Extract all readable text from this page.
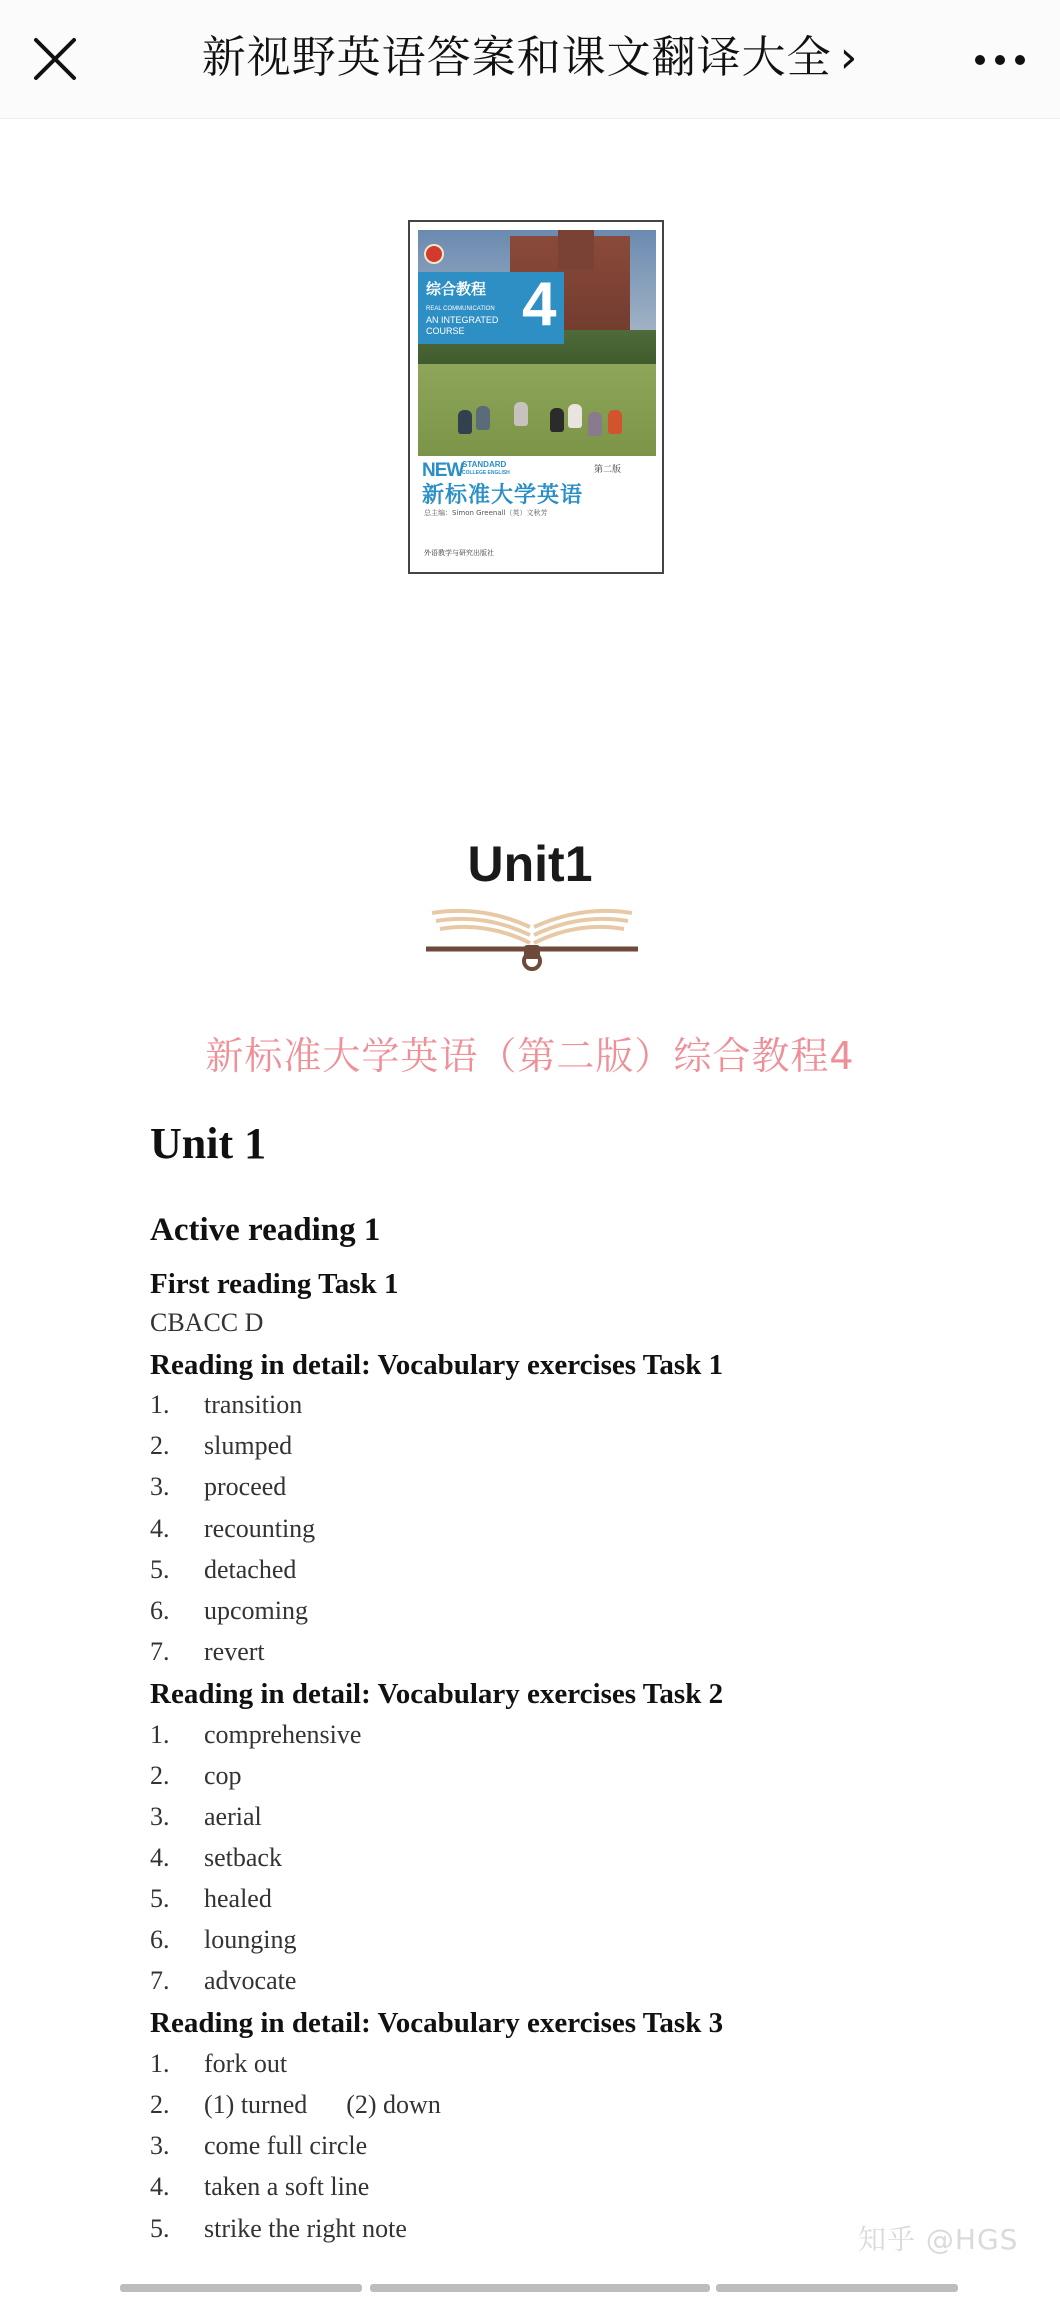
新视野英语答案和课文翻译大全 ›
综合教程
REAL COMMUNICATION
AN INTEGRATED
COURSE 4
NEW
STANDARD
COLLEGE ENGLISH	第二版
新标准大学英语
总主编：Simon Greenall（英）文秋芳
外语教学与研究出版社
Unit1
新标准大学英语（第二版）综合教程4
Unit 1
Active reading 1
First reading Task 1
CBACC D
Reading in detail: Vocabulary exercises Task 1
1. transition
2. slumped
3. proceed
4. recounting
5. detached
6. upcoming
7. revert
Reading in detail: Vocabulary exercises Task 2
1. comprehensive
2. cop
3. aerial
4. setback
5. healed
6. lounging
7. advocate
Reading in detail: Vocabulary exercises Task 3
1. fork out
2. (1) turned      (2) down
3. come full circle
4. taken a soft line
5. strike the right note	知乎 @HGS
